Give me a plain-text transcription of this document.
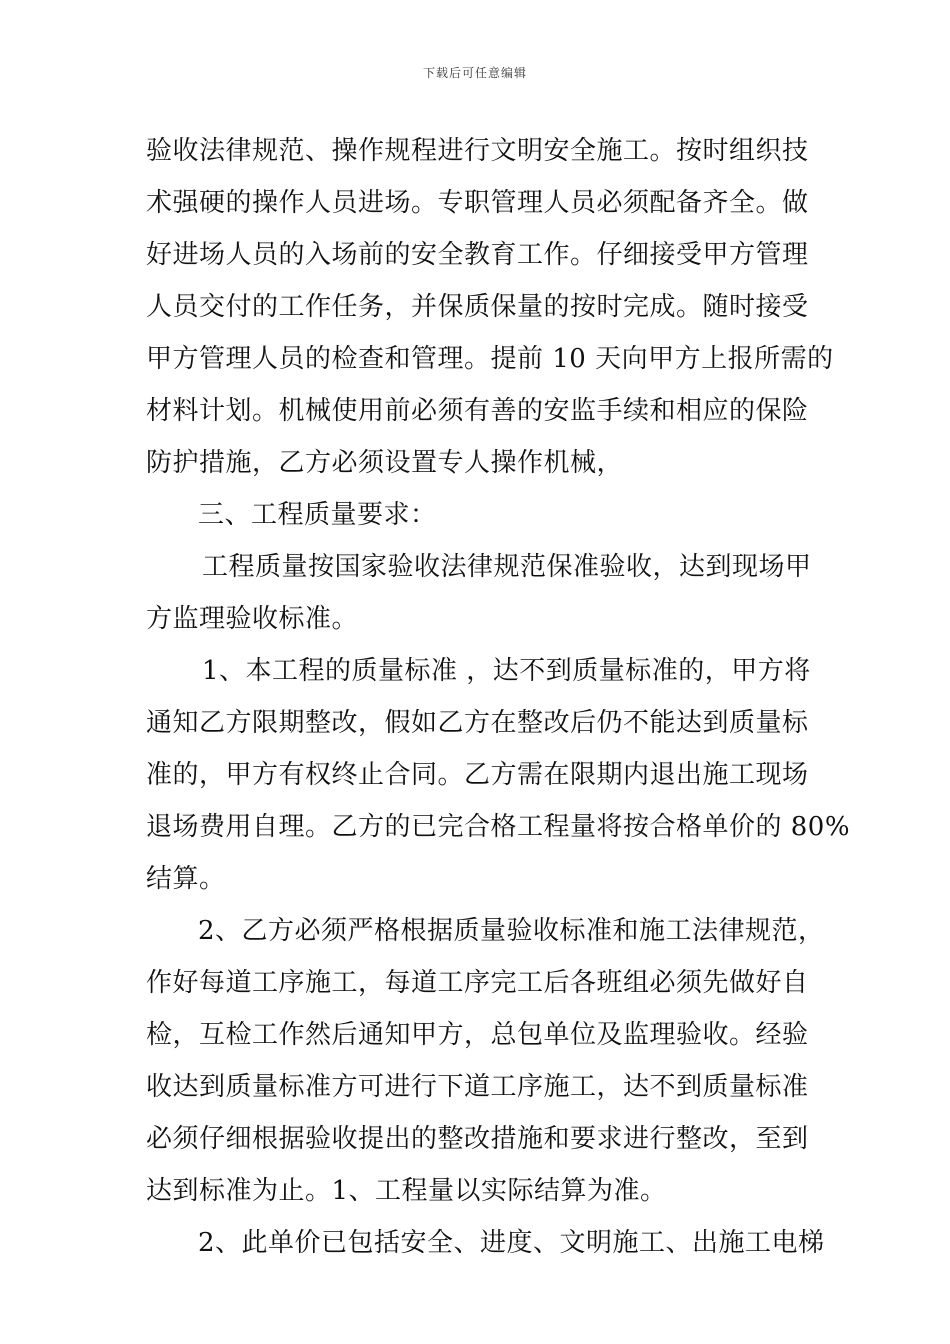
下载后可任意编辑
验收法律规范、操作规程进行文明安全施工。按时组织技
术强硬的操作人员进场。专职管理人员必须配备齐全。做
好进场人员的入场前的安全教育工作。仔细接受甲方管理
人员交付的工作任务，并保质保量的按时完成。随时接受
甲方管理人员的检查和管理。提前 10 天向甲方上报所需的
材料计划。机械使用前必须有善的安监手续和相应的保险
防护措施，乙方必须设置专人操作机械，
三、工程质量要求：
工程质量按国家验收法律规范保准验收，达到现场甲
方监理验收标准。
1、本工程的质量标准 ，达不到质量标准的，甲方将
通知乙方限期整改，假如乙方在整改后仍不能达到质量标
准的，甲方有权终止合同。乙方需在限期内退出施工现场
退场费用自理。乙方的已完合格工程量将按合格单价的 80%
结算。
2、乙方必须严格根据质量验收标准和施工法律规范，
作好每道工序施工，每道工序完工后各班组必须先做好自
检，互检工作然后通知甲方，总包单位及监理验收。经验
收达到质量标准方可进行下道工序施工，达不到质量标准
必须仔细根据验收提出的整改措施和要求进行整改，至到
达到标准为止。1、工程量以实际结算为准。
2、此单价已包括安全、进度、文明施工、出施工电梯
